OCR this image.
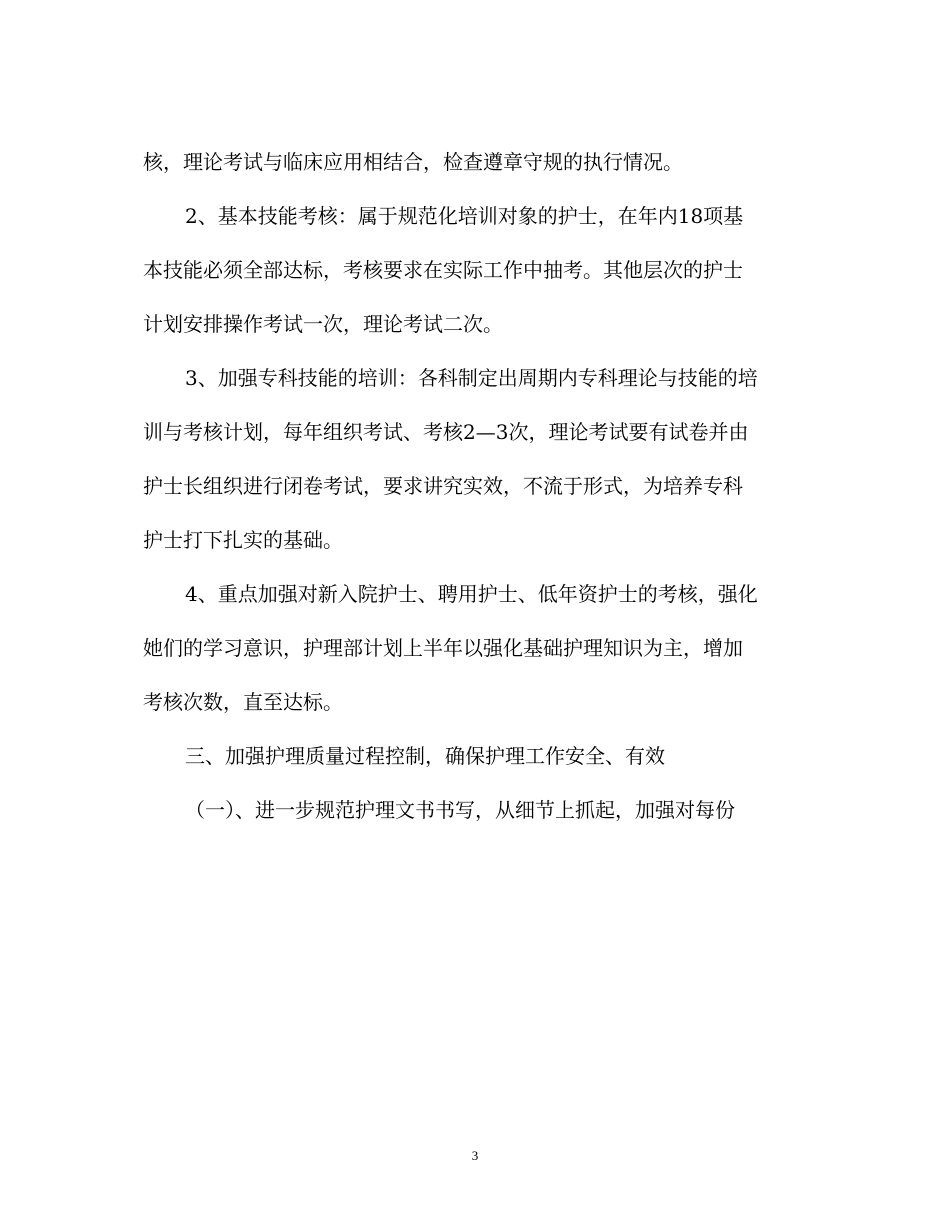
核，理论考试与临床应用相结合，检查遵章守规的执行情况。
2、基本技能考核：属于规范化培训对象的护士，在年内18项基
本技能必须全部达标，考核要求在实际工作中抽考。其他层次的护士
计划安排操作考试一次，理论考试二次。
3、加强专科技能的培训：各科制定出周期内专科理论与技能的培
训与考核计划，每年组织考试、考核2—3次，理论考试要有试卷并由
护士长组织进行闭卷考试，要求讲究实效，不流于形式，为培养专科
护士打下扎实的基础。
4、重点加强对新入院护士、聘用护士、低年资护士的考核，强化
她们的学习意识，护理部计划上半年以强化基础护理知识为主，增加
考核次数，直至达标。
三、加强护理质量过程控制，确保护理工作安全、有效
（一）、进一步规范护理文书书写，从细节上抓起，加强对每份
3
